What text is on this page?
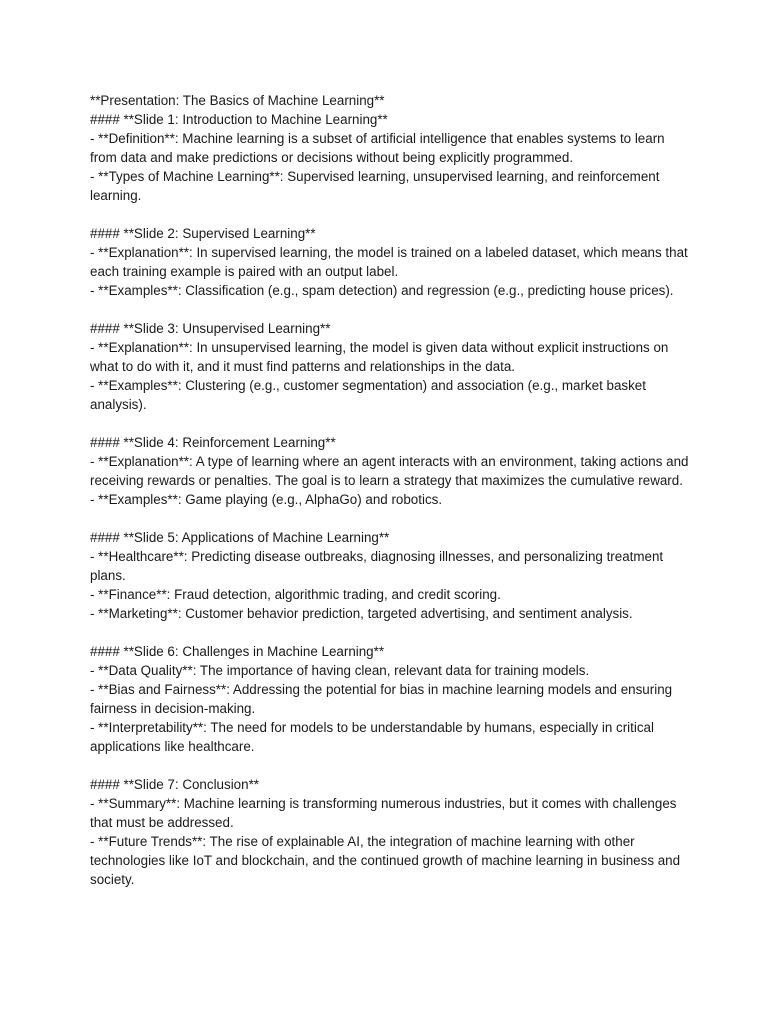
**Presentation: The Basics of Machine Learning**

#### **Slide 1: Introduction to Machine Learning**

- **Definition**: Machine learning is a subset of artificial intelligence that enables systems to learn from data and make predictions or decisions without being explicitly programmed.

- **Types of Machine Learning**: Supervised learning, unsupervised learning, and reinforcement learning.

#### **Slide 2: Supervised Learning**

- **Explanation**: In supervised learning, the model is trained on a labeled dataset, which means that each training example is paired with an output label.

- **Examples**: Classification (e.g., spam detection) and regression (e.g., predicting house prices).

#### **Slide 3: Unsupervised Learning**

- **Explanation**: In unsupervised learning, the model is given data without explicit instructions on what to do with it, and it must find patterns and relationships in the data.

- **Examples**: Clustering (e.g., customer segmentation) and association (e.g., market basket analysis).

#### **Slide 4: Reinforcement Learning**

- **Explanation**: A type of learning where an agent interacts with an environment, taking actions and receiving rewards or penalties. The goal is to learn a strategy that maximizes the cumulative reward.

- **Examples**: Game playing (e.g., AlphaGo) and robotics.

#### **Slide 5: Applications of Machine Learning**

- **Healthcare**: Predicting disease outbreaks, diagnosing illnesses, and personalizing treatment plans.

- **Finance**: Fraud detection, algorithmic trading, and credit scoring.

- **Marketing**: Customer behavior prediction, targeted advertising, and sentiment analysis.

#### **Slide 6: Challenges in Machine Learning**

- **Data Quality**: The importance of having clean, relevant data for training models.

- **Bias and Fairness**: Addressing the potential for bias in machine learning models and ensuring fairness in decision-making.

- **Interpretability**: The need for models to be understandable by humans, especially in critical applications like healthcare.

#### **Slide 7: Conclusion**

- **Summary**: Machine learning is transforming numerous industries, but it comes with challenges that must be addressed.

- **Future Trends**: The rise of explainable AI, the integration of machine learning with other technologies like IoT and blockchain, and the continued growth of machine learning in business and society.
